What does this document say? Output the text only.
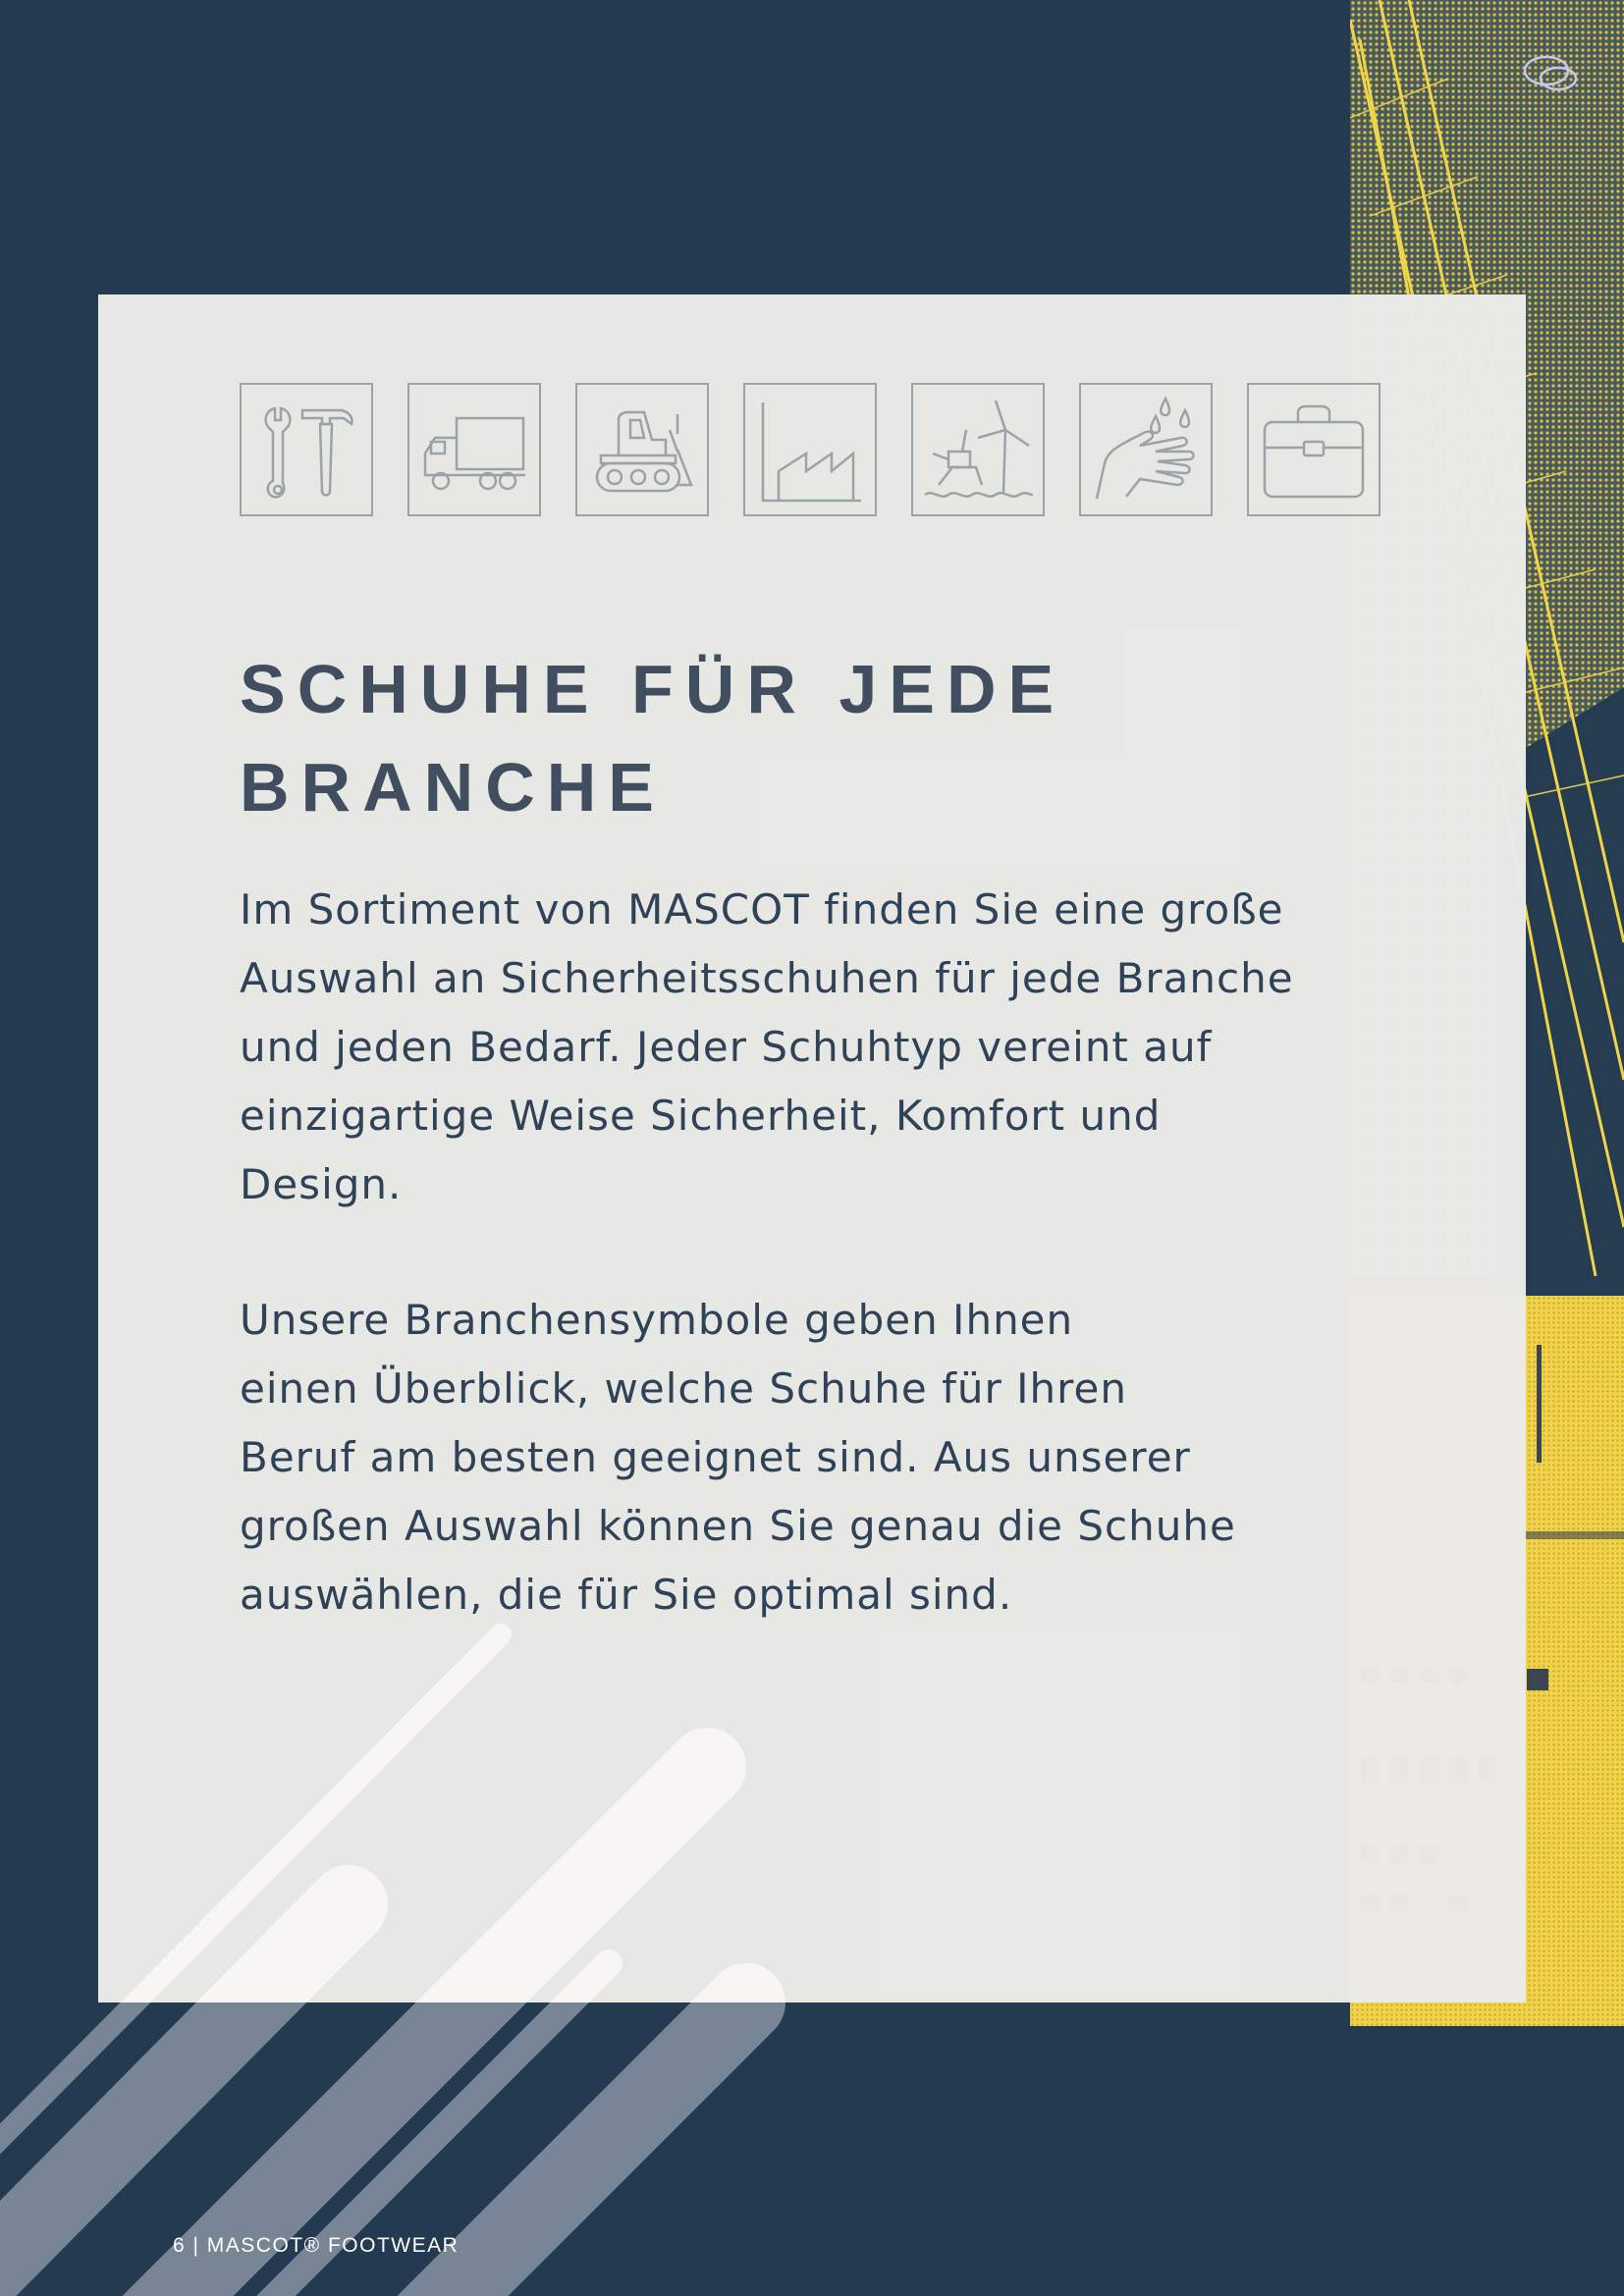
SCHUHE FÜR JEDE
BRANCHE

Im Sortiment von MASCOT finden Sie eine große
Auswahl an Sicherheitsschuhen für jede Branche
und jeden Bedarf. Jeder Schuhtyp vereint auf
einzigartige Weise Sicherheit, Komfort und
Design.

Unsere Branchensymbole geben Ihnen
einen Überblick, welche Schuhe für Ihren
Beruf am besten geeignet sind. Aus unserer
großen Auswahl können Sie genau die Schuhe
auswählen, die für Sie optimal sind.

6 | MASCOT® FOOTWEAR
